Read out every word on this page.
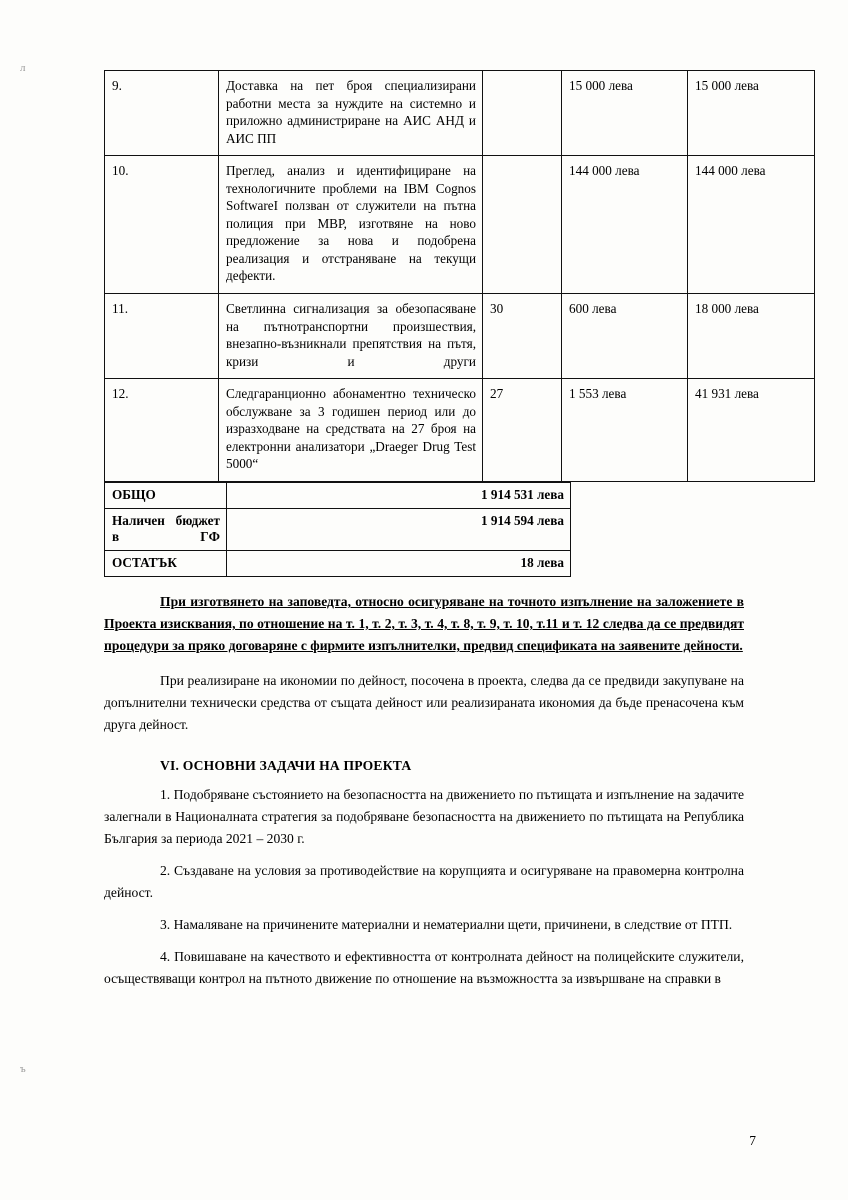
л
ъ
9.	Доставка на пет броя специализирани работни места за нуждите на системно и приложно администриране на АИС АНД и АИС ПП		15 000 лева	15 000 лева
10.	Преглед, анализ и идентифициране на технологичните проблеми на IBM Cognos SoftwareI ползван от служители на пътна полиция при МВР, изготвяне на ново предложение за нова и подобрена реализация и отстраняване на текущи дефекти.		144 000 лева	144 000 лева
11.	Светлинна сигнализация за обезопасяване на пътнотранспортни произшествия, внезапно-възникнали препятствия на пътя, кризи и други	30	600 лева	18 000 лева
12.	Следгаранционно абонаментно техническо обслужване за 3 годишен период или до изразходване на средствата на 27 броя на електронни анализатори „Draeger Drug Test 5000“	27	1 553 лева	41 931 лева
ОБЩО	1 914 531 лева
Наличен бюджет в ГФ	1 914 594 лева
ОСТАТЪК	18 лева

При изготвянето на заповедта, относно осигуряване на точното изпълнение на заложениете в Проекта изисквания, по отношение на т. 1, т. 2, т. 3, т. 4, т. 8, т. 9, т. 10, т.11 и т. 12 следва да се предвидят процедури за пряко договаряне с фирмите изпълнителки, предвид спецификата на заявените дейности.

При реализиране на икономии по дейност, посочена в проекта, следва да се предвиди закупуване на допълнителни технически средства от същата дейност или реализираната икономия да бъде пренасочена към друга дейност.

VI. ОСНОВНИ ЗАДАЧИ НА ПРОЕКТА

1. Подобряване състоянието на безопасността на движението по пътищата и изпълнение на задачите залегнали в Националната стратегия за подобряване безопасността на движението по пътищата на Република България за периода 2021 – 2030 г.

2. Създаване на условия за противодействие на корупцията и осигуряване на правомерна контролна дейност.

3. Намаляване на причинените материални и нематериални щети, причинени, в следствие от ПТП.

4. Повишаване на качеството и ефективността от контролната дейност на полицейските служители, осъществяващи контрол на пътното движение по отношение на възможността за извършване на справки в

7
